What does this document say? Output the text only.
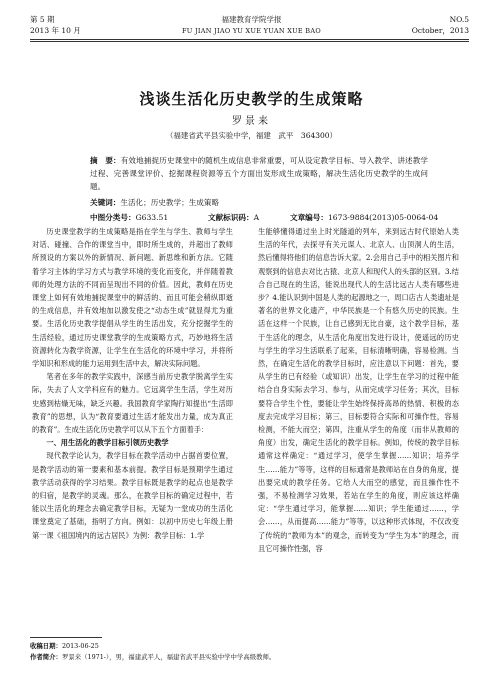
第 5 期
2013 年 10 月
福建教育学院学报
FU JIAN JIAO YU XUE YUAN XUE BAO
NO.5
October，2013
浅谈生活化历史教学的生成策略
罗景来
（福建省武平县实验中学，福建　武平　364300）
摘　要：有效地捕捉历史课堂中的随机生成信息非常重要，可从设定教学目标、导入教学、讲述教学过程、完善课堂评价、挖掘课程资源等五个方面出发形成生成策略，解决生活化历史教学的生成问题。
关键词：生活化；历史教学；生成策略
中图分类号：G633.51	文献标识码：A	文章编号：1673-9884(2013)05-0064-04

历史课堂教学的生成策略是指在学生与学生、教师与学生对话、碰撞、合作的课堂当中，即时所生成的，并超出了教师所预设的方案以外的新情况、新问题、新思维和新方法。它随着学习主体的学习方式与教学环境的变化而变化，并伴随着教师的处理方法的不同而呈现出不同的价值。因此，教师在历史课堂上如何有效地捕捉课堂中的鲜活的、而且可能会稍纵即逝的生成信息，并有效地加以激发使之“动态生成”就显得尤为重要。生活化历史教学提倡从学生的生活出发，充分挖掘学生的生活经验，通过历史课堂教学的生成策略方式，巧妙地将生活资源转化为教学资源，让学生在生活化的环境中学习，并将所学知识和形成的能力运用到生活中去，解决实际问题。

笔者在多年的教学实践中，深感当前历史教学脱离学生实际，失去了人文学科应有的魅力。它远离学生生活，学生对历史感到枯燥无味，缺乏兴趣。我国教育学家陶行知提出“生活即教育”的思想，认为“教育要通过生活才能发出力量，成为真正的教育”。生成生活化历史教学可以从下五个方面着手：

一、用生活化的教学目标引领历史教学

现代教学论认为，教学目标在教学活动中占据首要位置，是教学活动的第一要素和基本前提。教学目标是预期学生通过教学活动获得的学习结果。教学目标既是教学的起点也是教学的归宿，是教学的灵魂。那么，在教学目标的确定过程中，若能以生活化的理念去确定教学目标，无疑为一堂成功的生活化课堂奠定了基础，指明了方向。例如：以初中历史七年级上册第一课《祖国境内的远古居民》为例：教学目标：1.学

生能够懂得通过坐上时光隧道的列车，来到远古时代原始人类生活的年代，去探寻有关元谋人、北京人、山顶洞人的生活，然后懂得将他们的信息告诉大家。2.会用自己手中的相关图片和观察到的信息去对比古猿、北京人和现代人的头部的区别。3.结合自己现在的生活，能说出现代人的生活比远古人类有哪些进步？4.能认识到中国是人类的起源地之一，周口店古人类遗址是著名的世界文化遗产，中华民族是一个有悠久历史的民族。生活在这样一个民族，让自己感到无比自豪，这个教学目标，基于生活化的理念，从生活化角度出发进行设计，使遥远的历史与学生的学习生活联系了起来，目标清晰明确，容易检测。当然，在确定生活化的教学目标时，应注意以下问题：首先，要从学生的已有经验（或知识）出发，让学生在学习的过程中能结合自身实际去学习、参与，从而完成学习任务；其次，目标要符合学生个性，要能让学生始终保持高昂的热情、积极的态度去完成学习目标；第三，目标要符合实际和可操作性，容易检测，不能大而空；第四，注重从学生的角度（而非从教师的角度）出发，确定生活化的教学目标。例如，传统的教学目标通常这样确定：“通过学习，使学生掌握……知识；培养学生……能力”等等，这样的目标通常是教师站在自身的角度，提出要完成的教学任务。它给人大而空的感觉，而且操作性不强，不易检测学习效果，若站在学生的角度，则应该这样确定：“学生通过学习，能掌握……知识；学生能通过……，学会……，从而提高……能力”等等，以这种形式体现，不仅改变了传统的“教师为本”的观念，而转变为“学生为本”的理念，而且它可操作性强，容

收稿日期：2013-06-25
作者简介：罗景来（1971-），男，福建武平人，福建省武平县实验中学中学高级教师。
